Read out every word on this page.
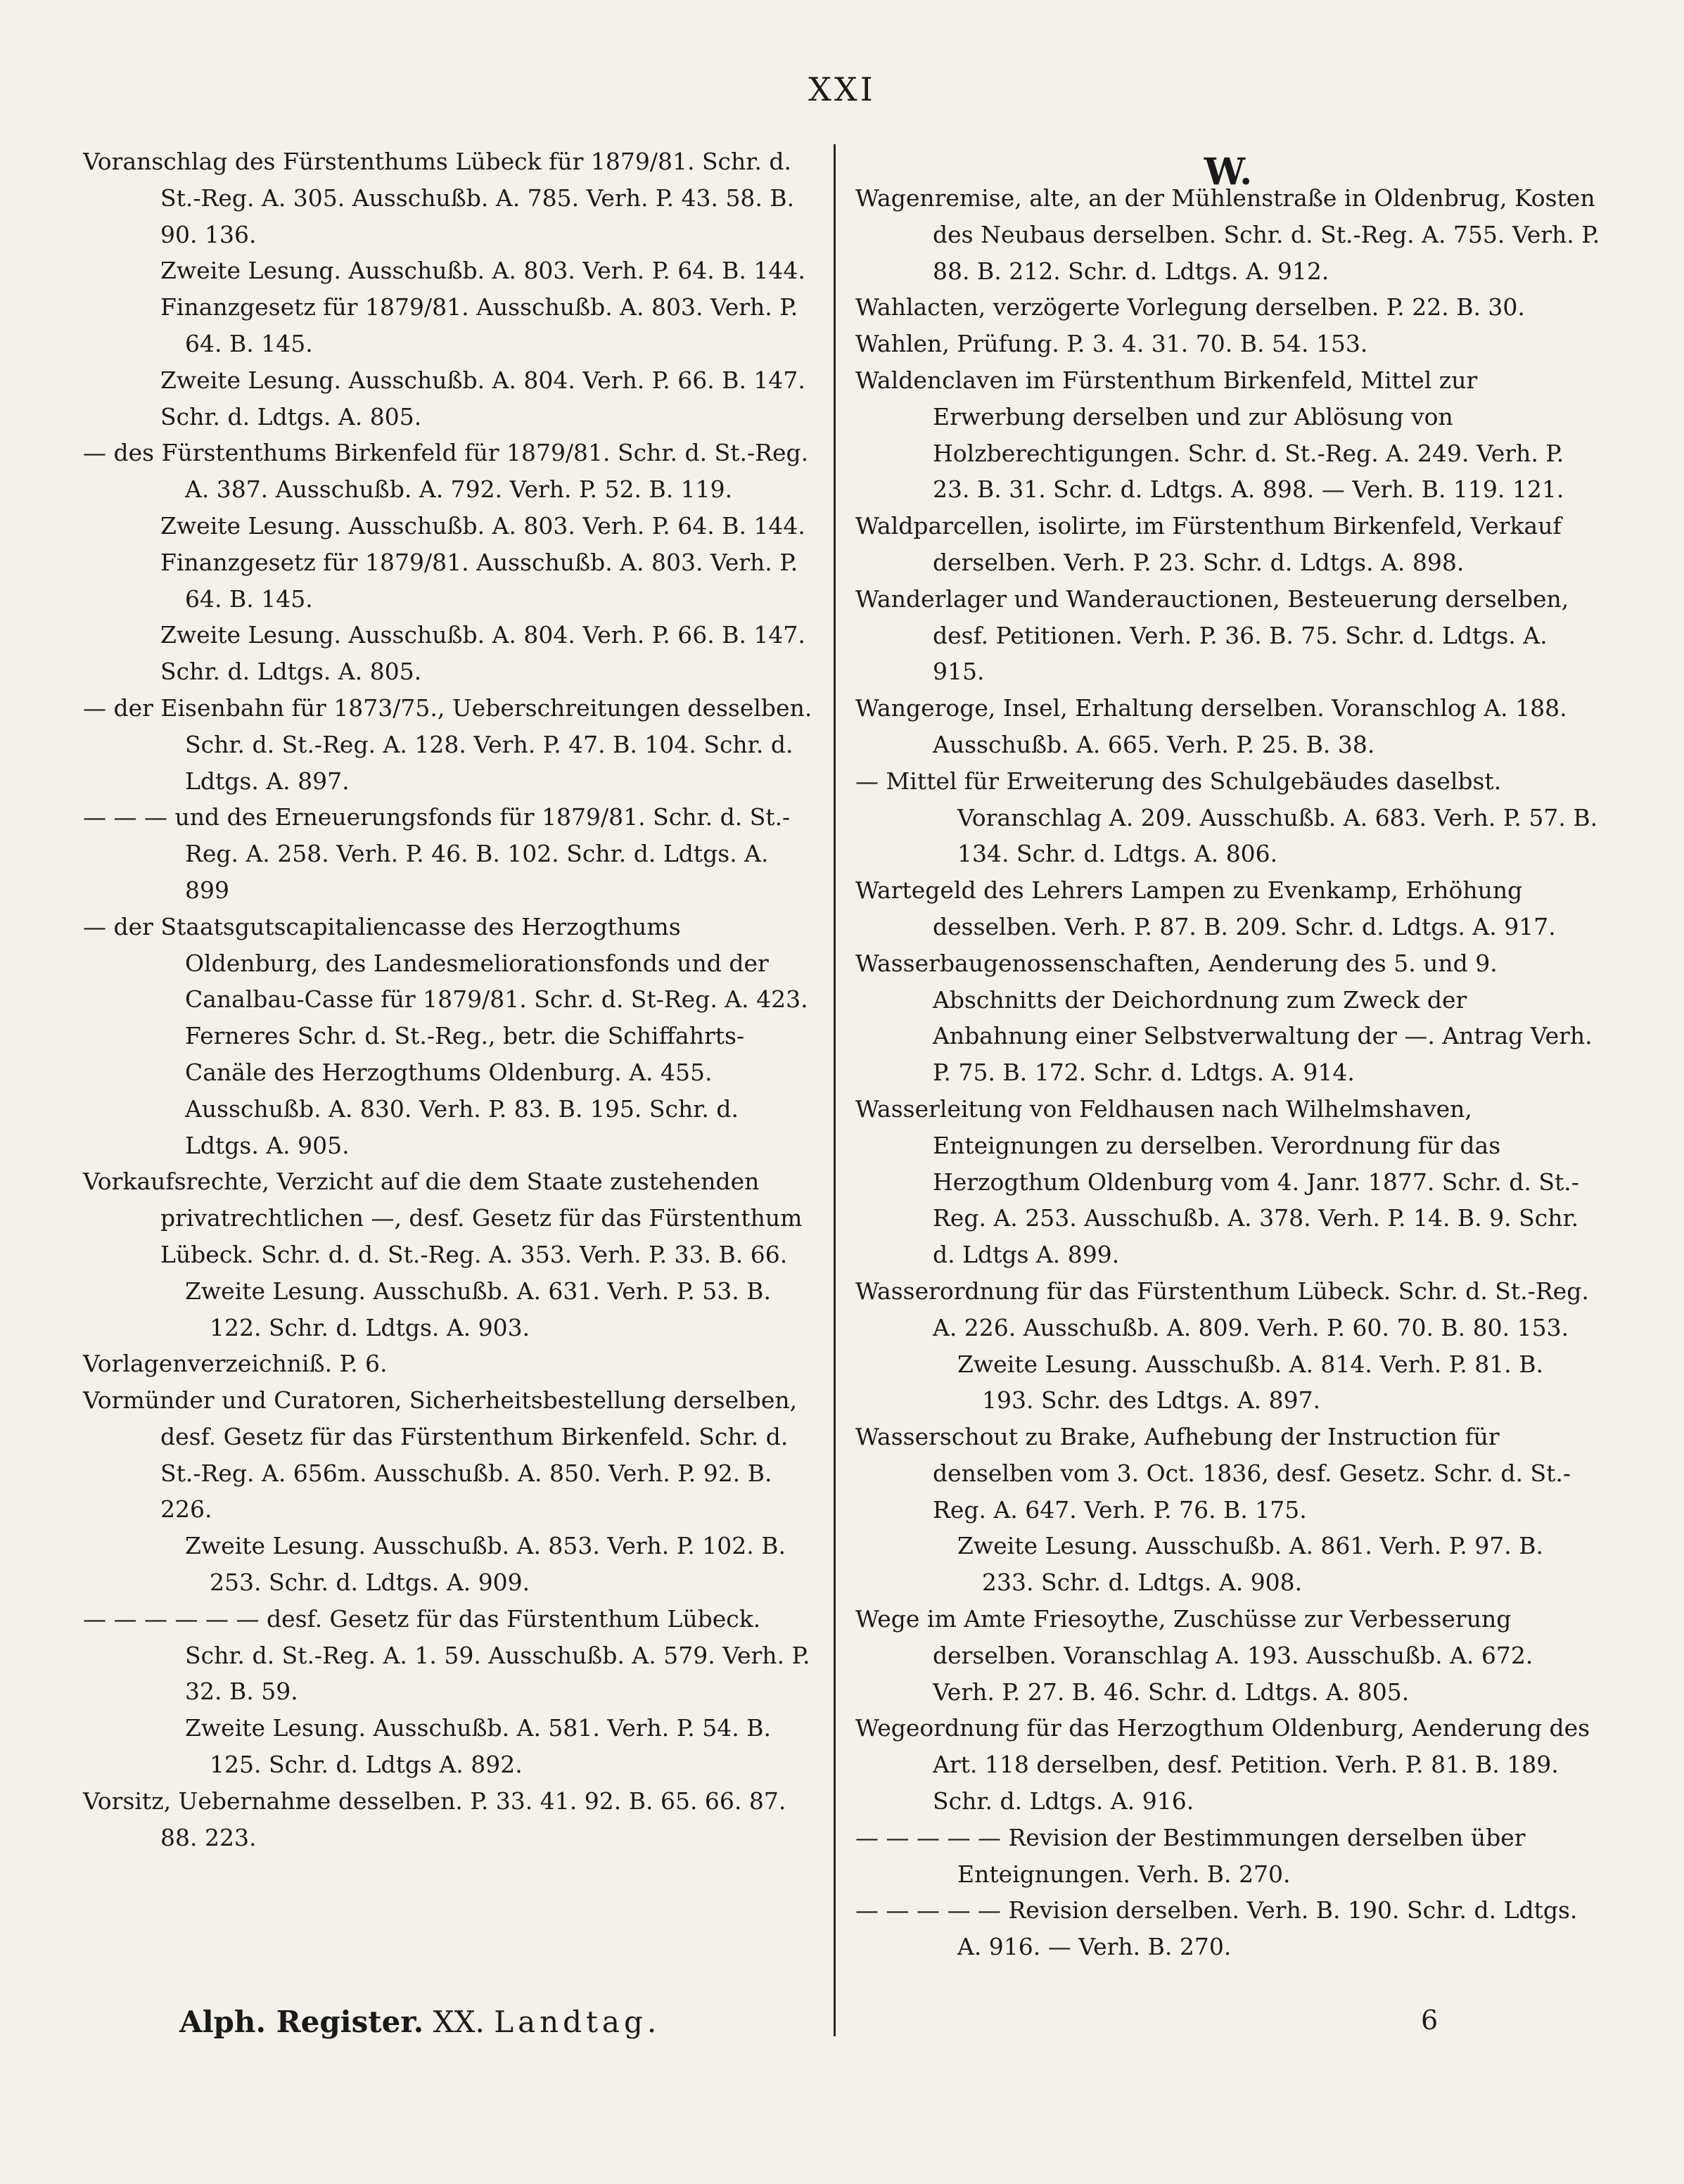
XXI
W.

Voranschlag des Fürstenthums Lübeck für 1879/81. Schr. d. St.-Reg. A. 305. Ausschußb. A. 785. Verh. P. 43. 58. B. 90. 136.

Zweite Lesung. Ausschußb. A. 803. Verh. P. 64. B. 144.

Finanzgesetz für 1879/81. Ausschußb. A. 803. Verh. P. 64. B. 145.

Zweite Lesung. Ausschußb. A. 804. Verh. P. 66. B. 147.

Schr. d. Ldtgs. A. 805.

— des Fürstenthums Birkenfeld für 1879/81. Schr. d. St.-Reg. A. 387. Ausschußb. A. 792. Verh. P. 52. B. 119.

Zweite Lesung. Ausschußb. A. 803. Verh. P. 64. B. 144.

Finanzgesetz für 1879/81. Ausschußb. A. 803. Verh. P. 64. B. 145.

Zweite Lesung. Ausschußb. A. 804. Verh. P. 66. B. 147.

Schr. d. Ldtgs. A. 805.

— der Eisenbahn für 1873/75., Ueberschreitungen desselben. Schr. d. St.-Reg. A. 128. Verh. P. 47. B. 104. Schr. d. Ldtgs. A. 897.

— — — und des Erneuerungsfonds für 1879/81. Schr. d. St.-Reg. A. 258. Verh. P. 46. B. 102. Schr. d. Ldtgs. A. 899

— der Staatsgutscapitaliencasse des Herzogthums Oldenburg, des Landesmeliorationsfonds und der Canalbau-Casse für 1879/81. Schr. d. St-Reg. A. 423. Ferneres Schr. d. St.-Reg., betr. die Schiffahrts-Canäle des Herzogthums Oldenburg. A. 455. Ausschußb. A. 830. Verh. P. 83. B. 195. Schr. d. Ldtgs. A. 905.

Vorkaufsrechte, Verzicht auf die dem Staate zustehenden privatrechtlichen —, desf. Gesetz für das Fürstenthum Lübeck. Schr. d. d. St.-Reg. A. 353. Verh. P. 33. B. 66.

Zweite Lesung. Ausschußb. A. 631. Verh. P. 53. B. 122. Schr. d. Ldtgs. A. 903.

Vorlagenverzeichniß. P. 6.

Vormünder und Curatoren, Sicherheitsbestellung derselben, desf. Gesetz für das Fürstenthum Birkenfeld. Schr. d. St.-Reg. A. 656m. Ausschußb. A. 850. Verh. P. 92. B. 226.

Zweite Lesung. Ausschußb. A. 853. Verh. P. 102. B. 253. Schr. d. Ldtgs. A. 909.

— — — — — — desf. Gesetz für das Fürstenthum Lübeck. Schr. d. St.-Reg. A. 1. 59. Ausschußb. A. 579. Verh. P. 32. B. 59.

Zweite Lesung. Ausschußb. A. 581. Verh. P. 54. B. 125. Schr. d. Ldtgs A. 892.

Vorsitz, Uebernahme desselben. P. 33. 41. 92. B. 65. 66. 87. 88. 223.

Wagenremise, alte, an der Mühlenstraße in Oldenbrug, Kosten des Neubaus derselben. Schr. d. St.-Reg. A. 755. Verh. P. 88. B. 212. Schr. d. Ldtgs. A. 912.

Wahlacten, verzögerte Vorlegung derselben. P. 22. B. 30.

Wahlen, Prüfung. P. 3. 4. 31. 70. B. 54. 153.

Waldenclaven im Fürstenthum Birkenfeld, Mittel zur Erwerbung derselben und zur Ablösung von Holzberechtigungen. Schr. d. St.-Reg. A. 249. Verh. P. 23. B. 31. Schr. d. Ldtgs. A. 898. — Verh. B. 119. 121.

Waldparcellen, isolirte, im Fürstenthum Birkenfeld, Verkauf derselben. Verh. P. 23. Schr. d. Ldtgs. A. 898.

Wanderlager und Wanderauctionen, Besteuerung derselben, desf. Petitionen. Verh. P. 36. B. 75. Schr. d. Ldtgs. A. 915.

Wangeroge, Insel, Erhaltung derselben. Voranschlog A. 188. Ausschußb. A. 665. Verh. P. 25. B. 38.

— Mittel für Erweiterung des Schulgebäudes daselbst. Voranschlag A. 209. Ausschußb. A. 683. Verh. P. 57. B. 134. Schr. d. Ldtgs. A. 806.

Wartegeld des Lehrers Lampen zu Evenkamp, Erhöhung desselben. Verh. P. 87. B. 209. Schr. d. Ldtgs. A. 917.

Wasserbaugenossenschaften, Aenderung des 5. und 9. Abschnitts der Deichordnung zum Zweck der Anbahnung einer Selbstverwaltung der —. Antrag Verh. P. 75. B. 172. Schr. d. Ldtgs. A. 914.

Wasserleitung von Feldhausen nach Wilhelmshaven, Enteignungen zu derselben. Verordnung für das Herzogthum Oldenburg vom 4. Janr. 1877. Schr. d. St.-Reg. A. 253. Ausschußb. A. 378. Verh. P. 14. B. 9. Schr. d. Ldtgs A. 899.

Wasserordnung für das Fürstenthum Lübeck. Schr. d. St.-Reg. A. 226. Ausschußb. A. 809. Verh. P. 60. 70. B. 80. 153.

Zweite Lesung. Ausschußb. A. 814. Verh. P. 81. B. 193. Schr. des Ldtgs. A. 897.

Wasserschout zu Brake, Aufhebung der Instruction für denselben vom 3. Oct. 1836, desf. Gesetz. Schr. d. St.-Reg. A. 647. Verh. P. 76. B. 175.

Zweite Lesung. Ausschußb. A. 861. Verh. P. 97. B. 233. Schr. d. Ldtgs. A. 908.

Wege im Amte Friesoythe, Zuschüsse zur Verbesserung derselben. Voranschlag A. 193. Ausschußb. A. 672. Verh. P. 27. B. 46. Schr. d. Ldtgs. A. 805.

Wegeordnung für das Herzogthum Oldenburg, Aenderung des Art. 118 derselben, desf. Petition. Verh. P. 81. B. 189. Schr. d. Ldtgs. A. 916.

— — — — — Revision der Bestimmungen derselben über Enteignungen. Verh. B. 270.

— — — — — Revision derselben. Verh. B. 190. Schr. d. Ldtgs. A. 916. — Verh. B. 270.

Alph. Register. XX. Landtag.	6
